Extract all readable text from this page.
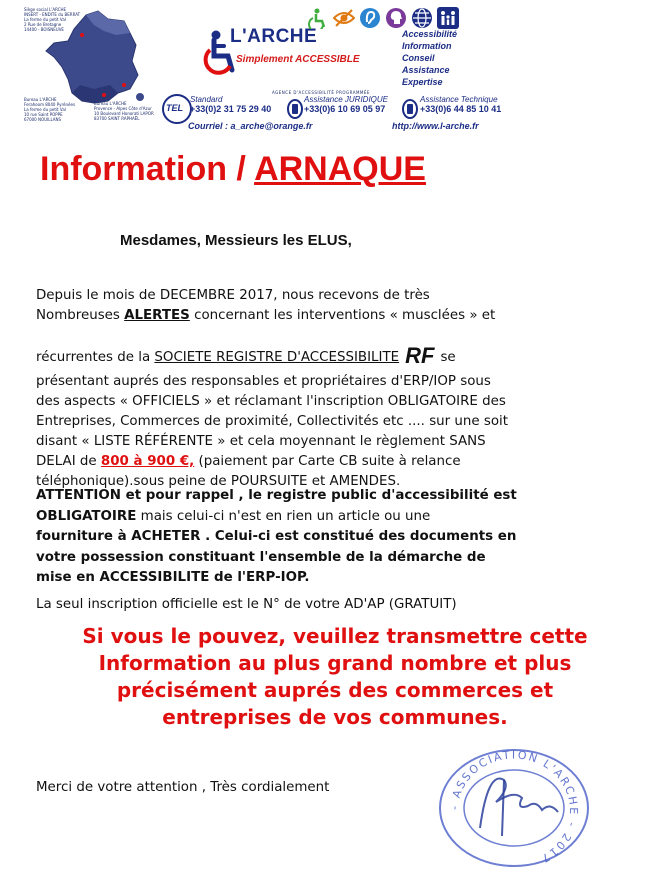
Siège social L'ARCHE
INSERT - ENDITE du BERRAT
La ferme du petit Val
2 Rue de Bretagne
14400 - BOISNEUVE
Bureau L'ARCHE
Ferahoom 8040 Pyrénées
La ferme du petit Val
10 rue Saint POPPE
67000 NOUILLANS
Bureau L'ARCHE
Provence - Alpes Côte d'Azur
10 Boulevard Honorati LAPOR
83700 SAINT RAPHAËL
L'ARCHE
Simplement ACCESSIBLE
Accessibilité
Information
Conseil
Assistance
Expertise
AGENCE D'ACCESSIBILITÉ PROGRAMMÉE
TEL
Standard
+33(0)2 31 75 29 40
Assistance JURIDIQUE
+33(0)6 10 69 05 97
Assistance Technique
+33(0)6 44 85 10 41
Courriel : a_arche@orange.fr	http://www.l-arche.fr
Information / ARNAQUE
Mesdames, Messieurs les ELUS,
Depuis le mois de DECEMBRE 2017, nous recevons de très
Nombreuses ALERTES concernant les interventions « musclées » et
récurrentes de la SOCIETE REGISTRE D'ACCESSIBILITE RF se
présentant auprés des responsables et propriétaires d'ERP/IOP sous
des aspects « OFFICIELS » et réclamant l'inscription OBLIGATOIRE des
Entreprises, Commerces de proximité, Collectivités etc .... sur une soit
disant « LISTE RÉFÉRENTE » et cela moyennant le règlement SANS
DELAI de 800 à 900 €, (paiement par Carte CB suite à relance
téléphonique).sous peine de POURSUITE et AMENDES.
ATTENTION et pour rappel , le registre public d'accessibilité est
OBLIGATOIRE mais celui-ci n'est en rien un article ou une
fourniture à ACHETER . Celui-ci est constitué des documents en
votre possession constituant l'ensemble de la démarche de
mise en ACCESSIBILITE de l'ERP-IOP.
La seul inscription officielle est le N° de votre AD'AP (GRATUIT)
Si vous le pouvez, veuillez transmettre cette
Information au plus grand nombre et plus
précisément auprés des commerces et
entreprises de vos communes.
Merci de votre attention , Très cordialement
- ASSOCIATION L'ARCHE - 2017
